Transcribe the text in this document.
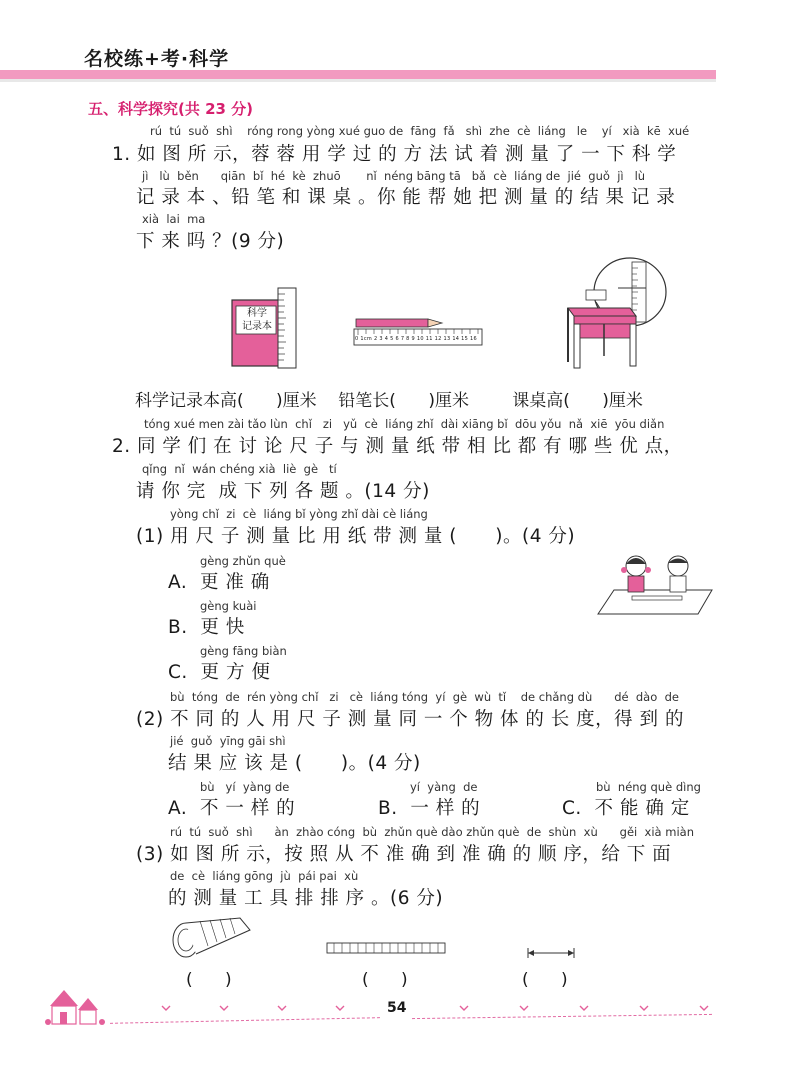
名校练+考·科学
五、科学探究(共 23 分)
rú  tú  suǒ  shì    róng rong yòng xué guo de  fāng  fǎ   shì  zhe  cè  liáng   le    yí   xià  kē  xué
1. 如 图 所 示，蓉 蓉 用 学 过 的 方 法 试 着 测 量 了 一 下 科 学
jì   lù  běn      qiān  bǐ  hé  kè  zhuō       nǐ  néng bāng tā   bǎ  cè  liáng de  jié  guǒ  jì   lù
记 录 本 、铅 笔 和 课 桌 。你 能 帮 她 把 测 量 的 结 果 记 录
xià  lai  ma
下 来 吗 ？(9 分)
科学
记录本
0 1cm 2 3 4 5 6 7 8 9 10 11 12 13 14 15 16
科学记录本高(      )厘米    铅笔长(      )厘米        课桌高(      )厘米
tóng xué men zài tǎo lùn  chǐ   zi   yǔ  cè  liáng zhǐ  dài xiāng bǐ  dōu yǒu  nǎ  xiē  yōu diǎn
2. 同 学 们 在 讨 论 尺 子 与 测 量 纸 带 相 比 都 有 哪 些 优 点，
qǐng  nǐ  wán chéng xià  liè  gè   tí
请 你 完  成 下 列 各 题 。(14 分)
yòng chǐ  zi  cè  liáng bǐ yòng zhǐ dài cè liáng
(1) 用 尺 子 测 量 比 用 纸 带 测 量 (      )。(4 分)
gèng zhǔn què
A.  更 准 确
gèng kuài
B.  更 快
gèng fāng biàn
C.  更 方 便
bù  tóng  de  rén yòng chǐ   zi   cè  liáng tóng  yí  gè  wù  tǐ    de chǎng dù      dé  dào  de
(2) 不 同 的 人 用 尺 子 测 量 同 一 个 物 体 的 长 度，得 到 的
jié  guǒ  yīng gāi shì
结 果 应 该 是 (      )。(4 分)
bù   yí  yàng de	yí  yàng  de	bù  néng què dìng
A.  不 一 样 的	B.  一 样 的	C.  不 能 确 定
rú  tú  suǒ  shì      àn  zhào cóng  bù  zhǔn què dào zhǔn què  de  shùn  xù      gěi  xià miàn
(3) 如 图 所 示，按 照 从 不 准 确 到 准 确 的 顺 序，给 下 面
de  cè  liáng gōng  jù  pái pai  xù
的 测 量 工 具 排 排 序 。(6 分)
(      )	(      )	(      )
54
